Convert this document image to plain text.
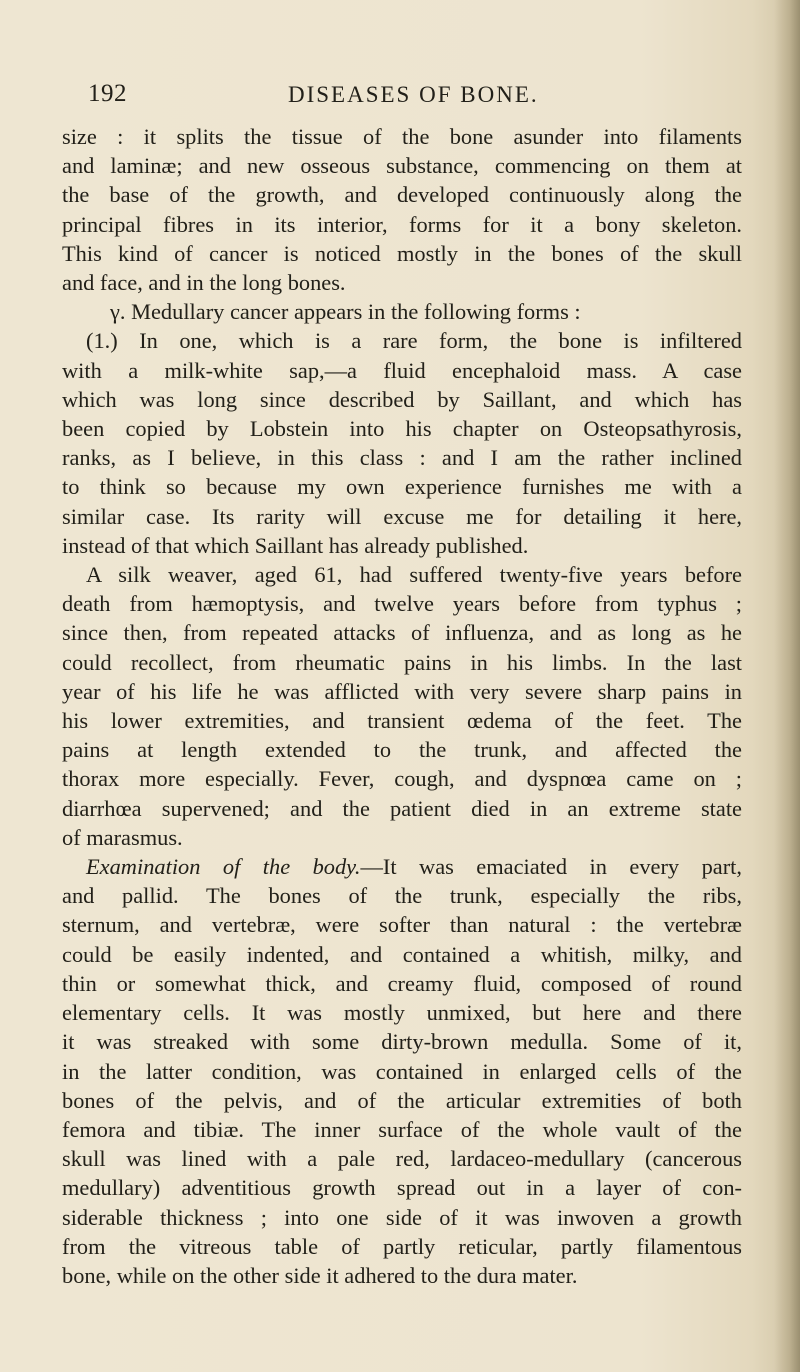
192	DISEASES OF BONE.

size : it splits the tissue of the bone asunder into filaments
and laminæ; and new osseous substance, commencing on them at
the base of the growth, and developed continuously along the
principal fibres in its interior, forms for it a bony skeleton.
This kind of cancer is noticed mostly in the bones of the skull
and face, and in the long bones.

γ. Medullary cancer appears in the following forms :

(1.) In one, which is a rare form, the bone is infiltered
with a milk-white sap,—a fluid encephaloid mass. A case
which was long since described by Saillant, and which has
been copied by Lobstein into his chapter on Osteopsathyrosis,
ranks, as I believe, in this class : and I am the rather inclined
to think so because my own experience furnishes me with a
similar case. Its rarity will excuse me for detailing it here,
instead of that which Saillant has already published.

A silk weaver, aged 61, had suffered twenty-five years before
death from hæmoptysis, and twelve years before from typhus ;
since then, from repeated attacks of influenza, and as long as he
could recollect, from rheumatic pains in his limbs. In the last
year of his life he was afflicted with very severe sharp pains in
his lower extremities, and transient œdema of the feet. The
pains at length extended to the trunk, and affected the
thorax more especially. Fever, cough, and dyspnœa came on ;
diarrhœa supervened; and the patient died in an extreme state
of marasmus.

Examination of the body.—It was emaciated in every part,
and pallid. The bones of the trunk, especially the ribs,
sternum, and vertebræ, were softer than natural : the vertebræ
could be easily indented, and contained a whitish, milky, and
thin or somewhat thick, and creamy fluid, composed of round
elementary cells. It was mostly unmixed, but here and there
it was streaked with some dirty-brown medulla. Some of it,
in the latter condition, was contained in enlarged cells of the
bones of the pelvis, and of the articular extremities of both
femora and tibiæ. The inner surface of the whole vault of the
skull was lined with a pale red, lardaceo-medullary (cancerous
medullary) adventitious growth spread out in a layer of con-
siderable thickness ; into one side of it was inwoven a growth
from the vitreous table of partly reticular, partly filamentous
bone, while on the other side it adhered to the dura mater.
